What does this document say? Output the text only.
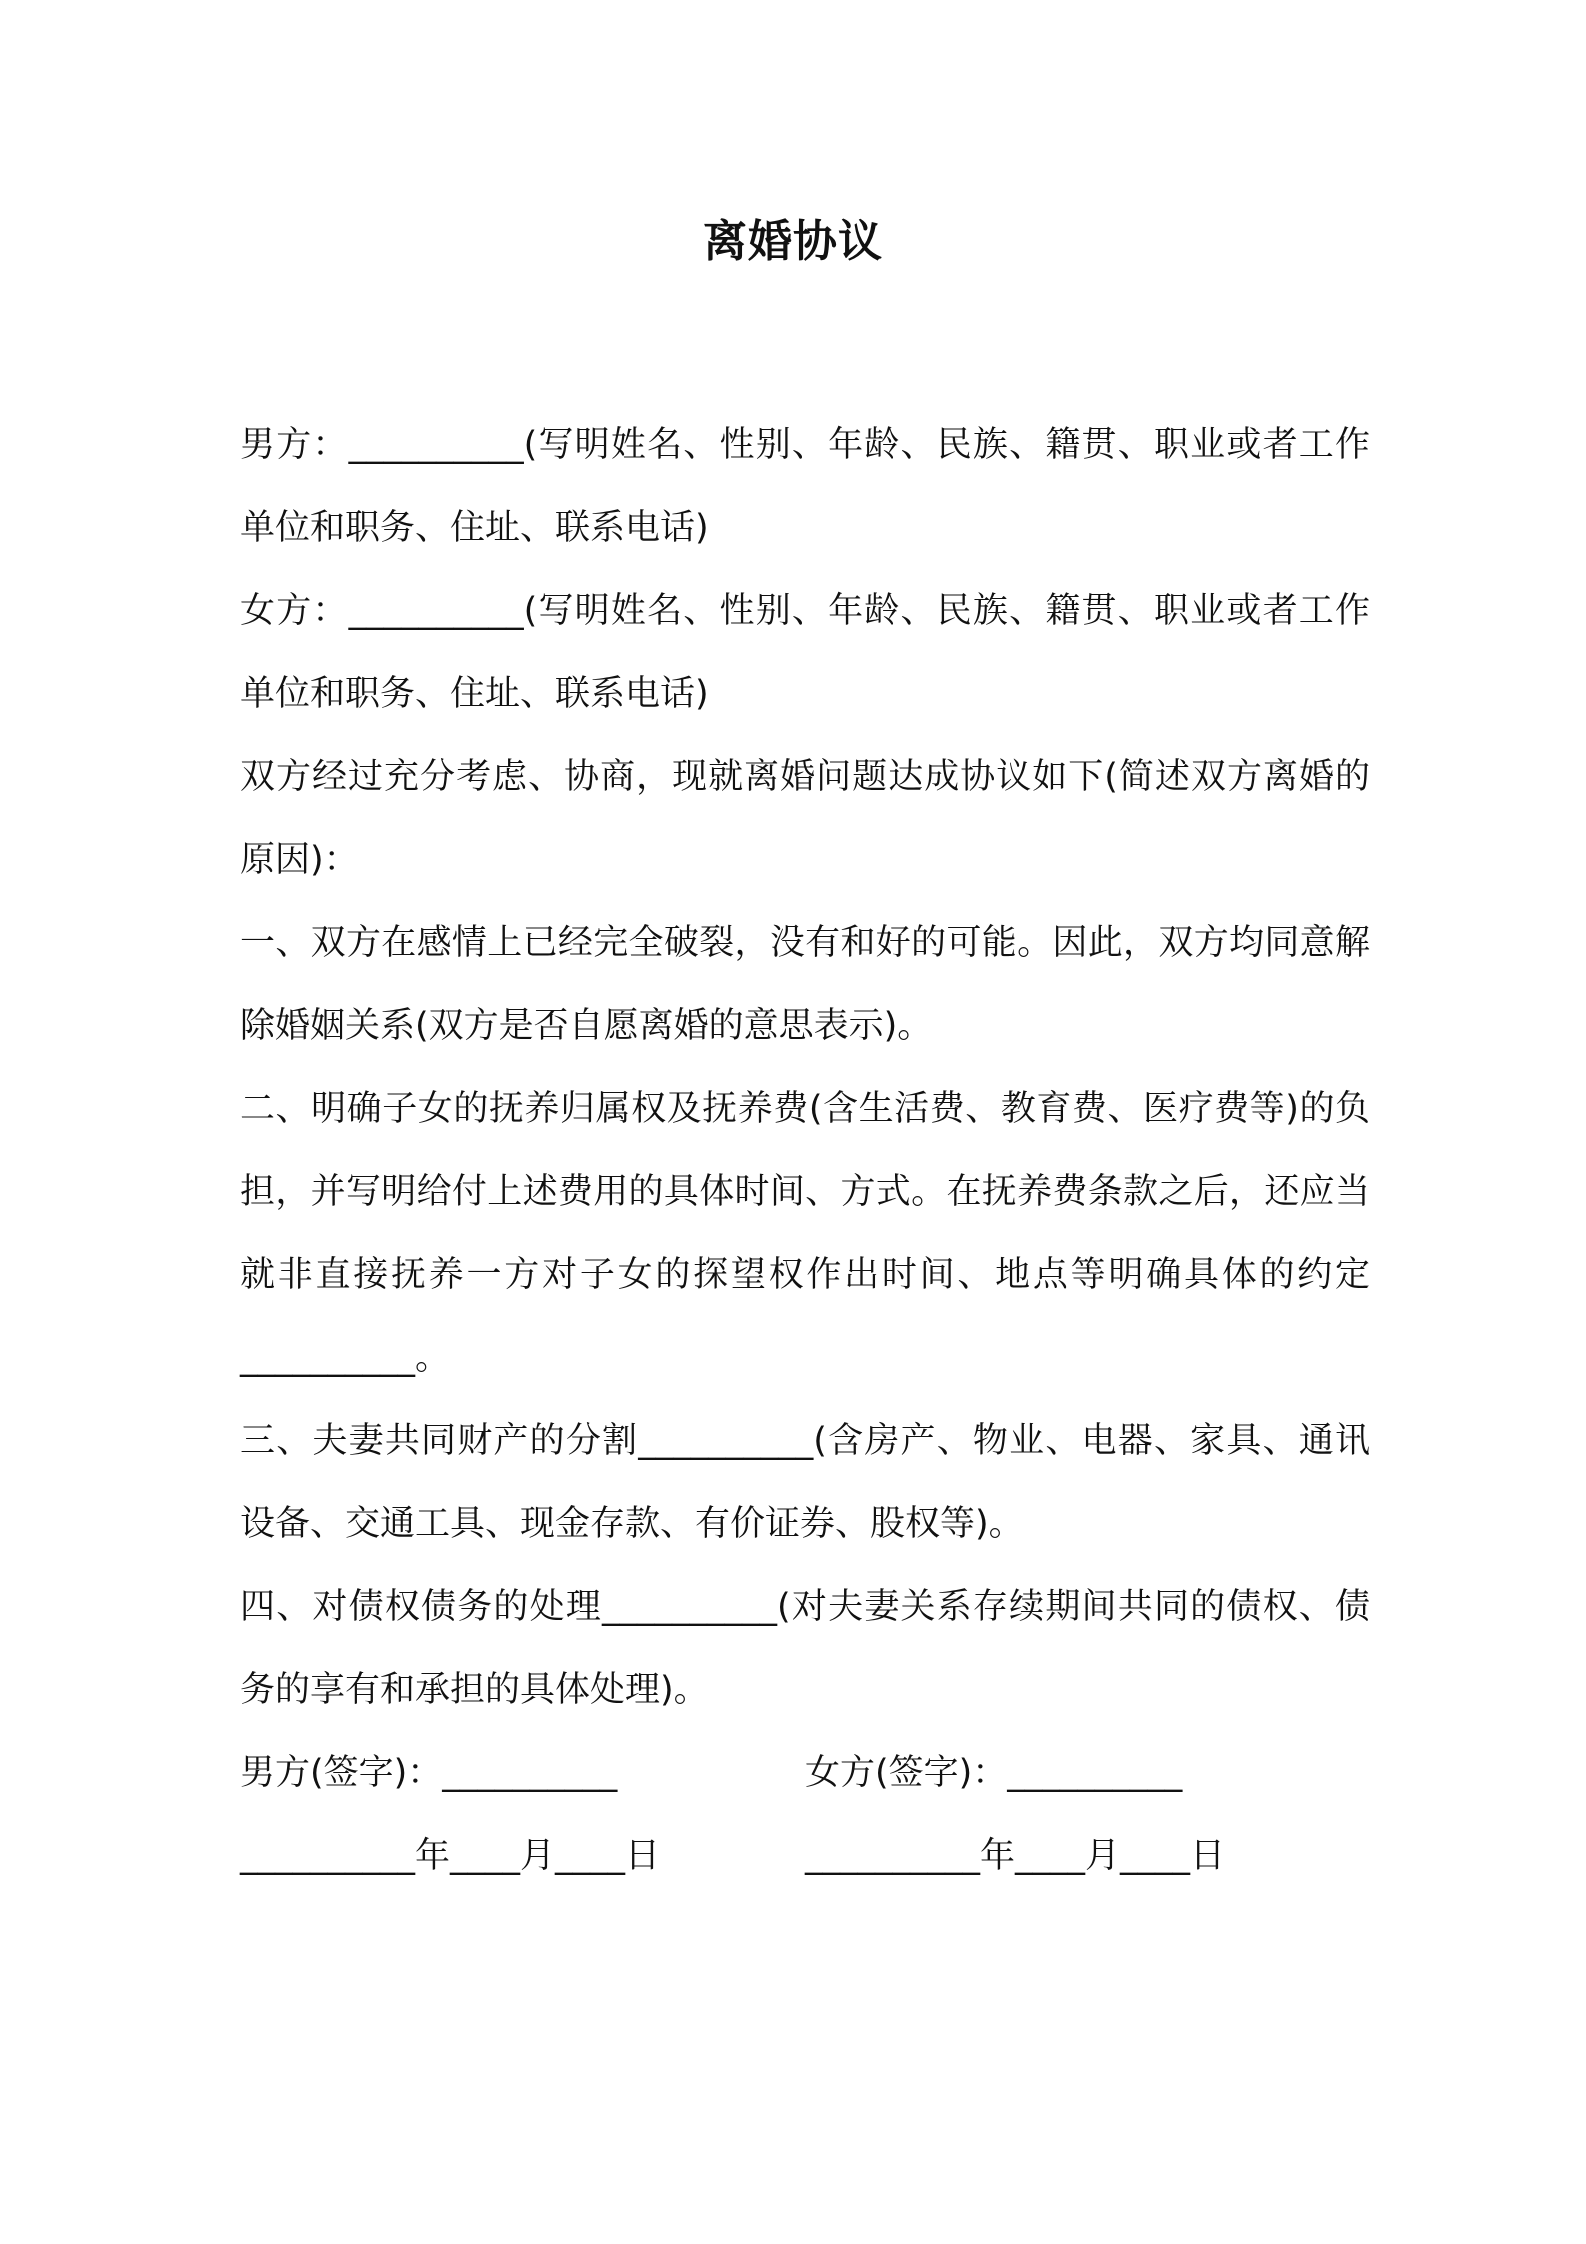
离婚协议

男方：__________(写明姓名、性别、年龄、民族、籍贯、职业或者工作单位和职务、住址、联系电话)

女方：__________(写明姓名、性别、年龄、民族、籍贯、职业或者工作单位和职务、住址、联系电话)

双方经过充分考虑、协商，现就离婚问题达成协议如下(简述双方离婚的原因)：

一、双方在感情上已经完全破裂，没有和好的可能。因此，双方均同意解除婚姻关系(双方是否自愿离婚的意思表示)。

二、明确子女的抚养归属权及抚养费(含生活费、教育费、医疗费等)的负担，并写明给付上述费用的具体时间、方式。在抚养费条款之后，还应当就非直接抚养一方对子女的探望权作出时间、地点等明确具体的约定__________。

三、夫妻共同财产的分割__________(含房产、物业、电器、家具、通讯设备、交通工具、现金存款、有价证券、股权等)。

四、对债权债务的处理__________(对夫妻关系存续期间共同的债权、债务的享有和承担的具体处理)。

男方(签字)：__________	女方(签字)：__________
__________年____月____日	__________年____月____日
